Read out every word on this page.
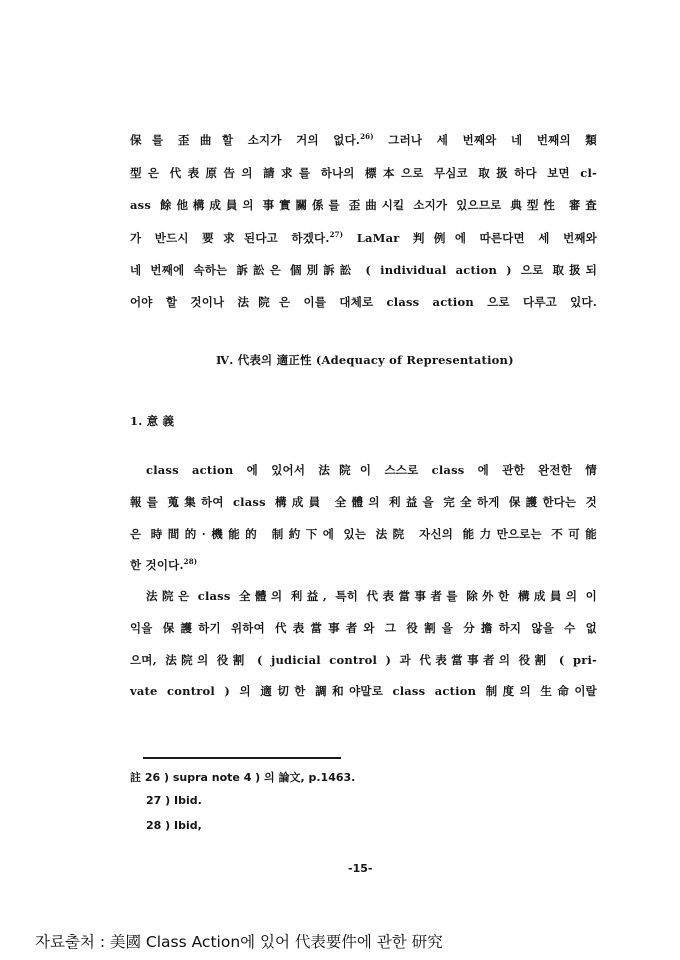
保를 歪曲할 소지가 거의 없다.$^{26)}$ 그러나 세 번째와 네 번째의 類
型은 代表原告의 請求를 하나의 標本으로 무심코 取扱하다 보면 cl-
ass 餘他構成員의 事實關係를 歪曲시킬 소지가 있으므로 典型性 審査
가 반드시 要求된다고 하겠다.$^{27)}$ LaMar 判例에 따른다면 세 번째와
네 번째에 속하는 訴訟은 個別訴訟 ( individual action ) 으로 取扱되
어야 할 것이나 法院은 이를 대체로 class action 으로 다루고 있다.
Ⅳ. 代表의 適正性 (Adequacy of Representation)
1. 意 義
class action 에 있어서 法院이 스스로 class 에 관한 완전한 情
報를 蒐集하여 class 構成員 全體의 利益을 完全하게 保護한다는 것
은 時間的·機能的 制約下에 있는 法院 자신의 能力만으로는 不可能
한 것이다.$^{28)}$
法院은 class 全體의 利益, 특히 代表當事者를 除外한 構成員의 이
익을 保護하기 위하여 代表當事者와 그 役割을 分擔하지 않을 수 없
으며, 法院의 役割 ( judicial control ) 과 代表當事者의 役割 ( pri-
vate control ) 의 適切한 調和야말로 class action 制度의 生命이랄
註 26 ) supra note 4 ) 의 論文, p.1463.
27 ) Ibid.
28 ) Ibid,
-15-
자료출처 : 美國 Class Action에 있어 代表要件에 관한 研究
